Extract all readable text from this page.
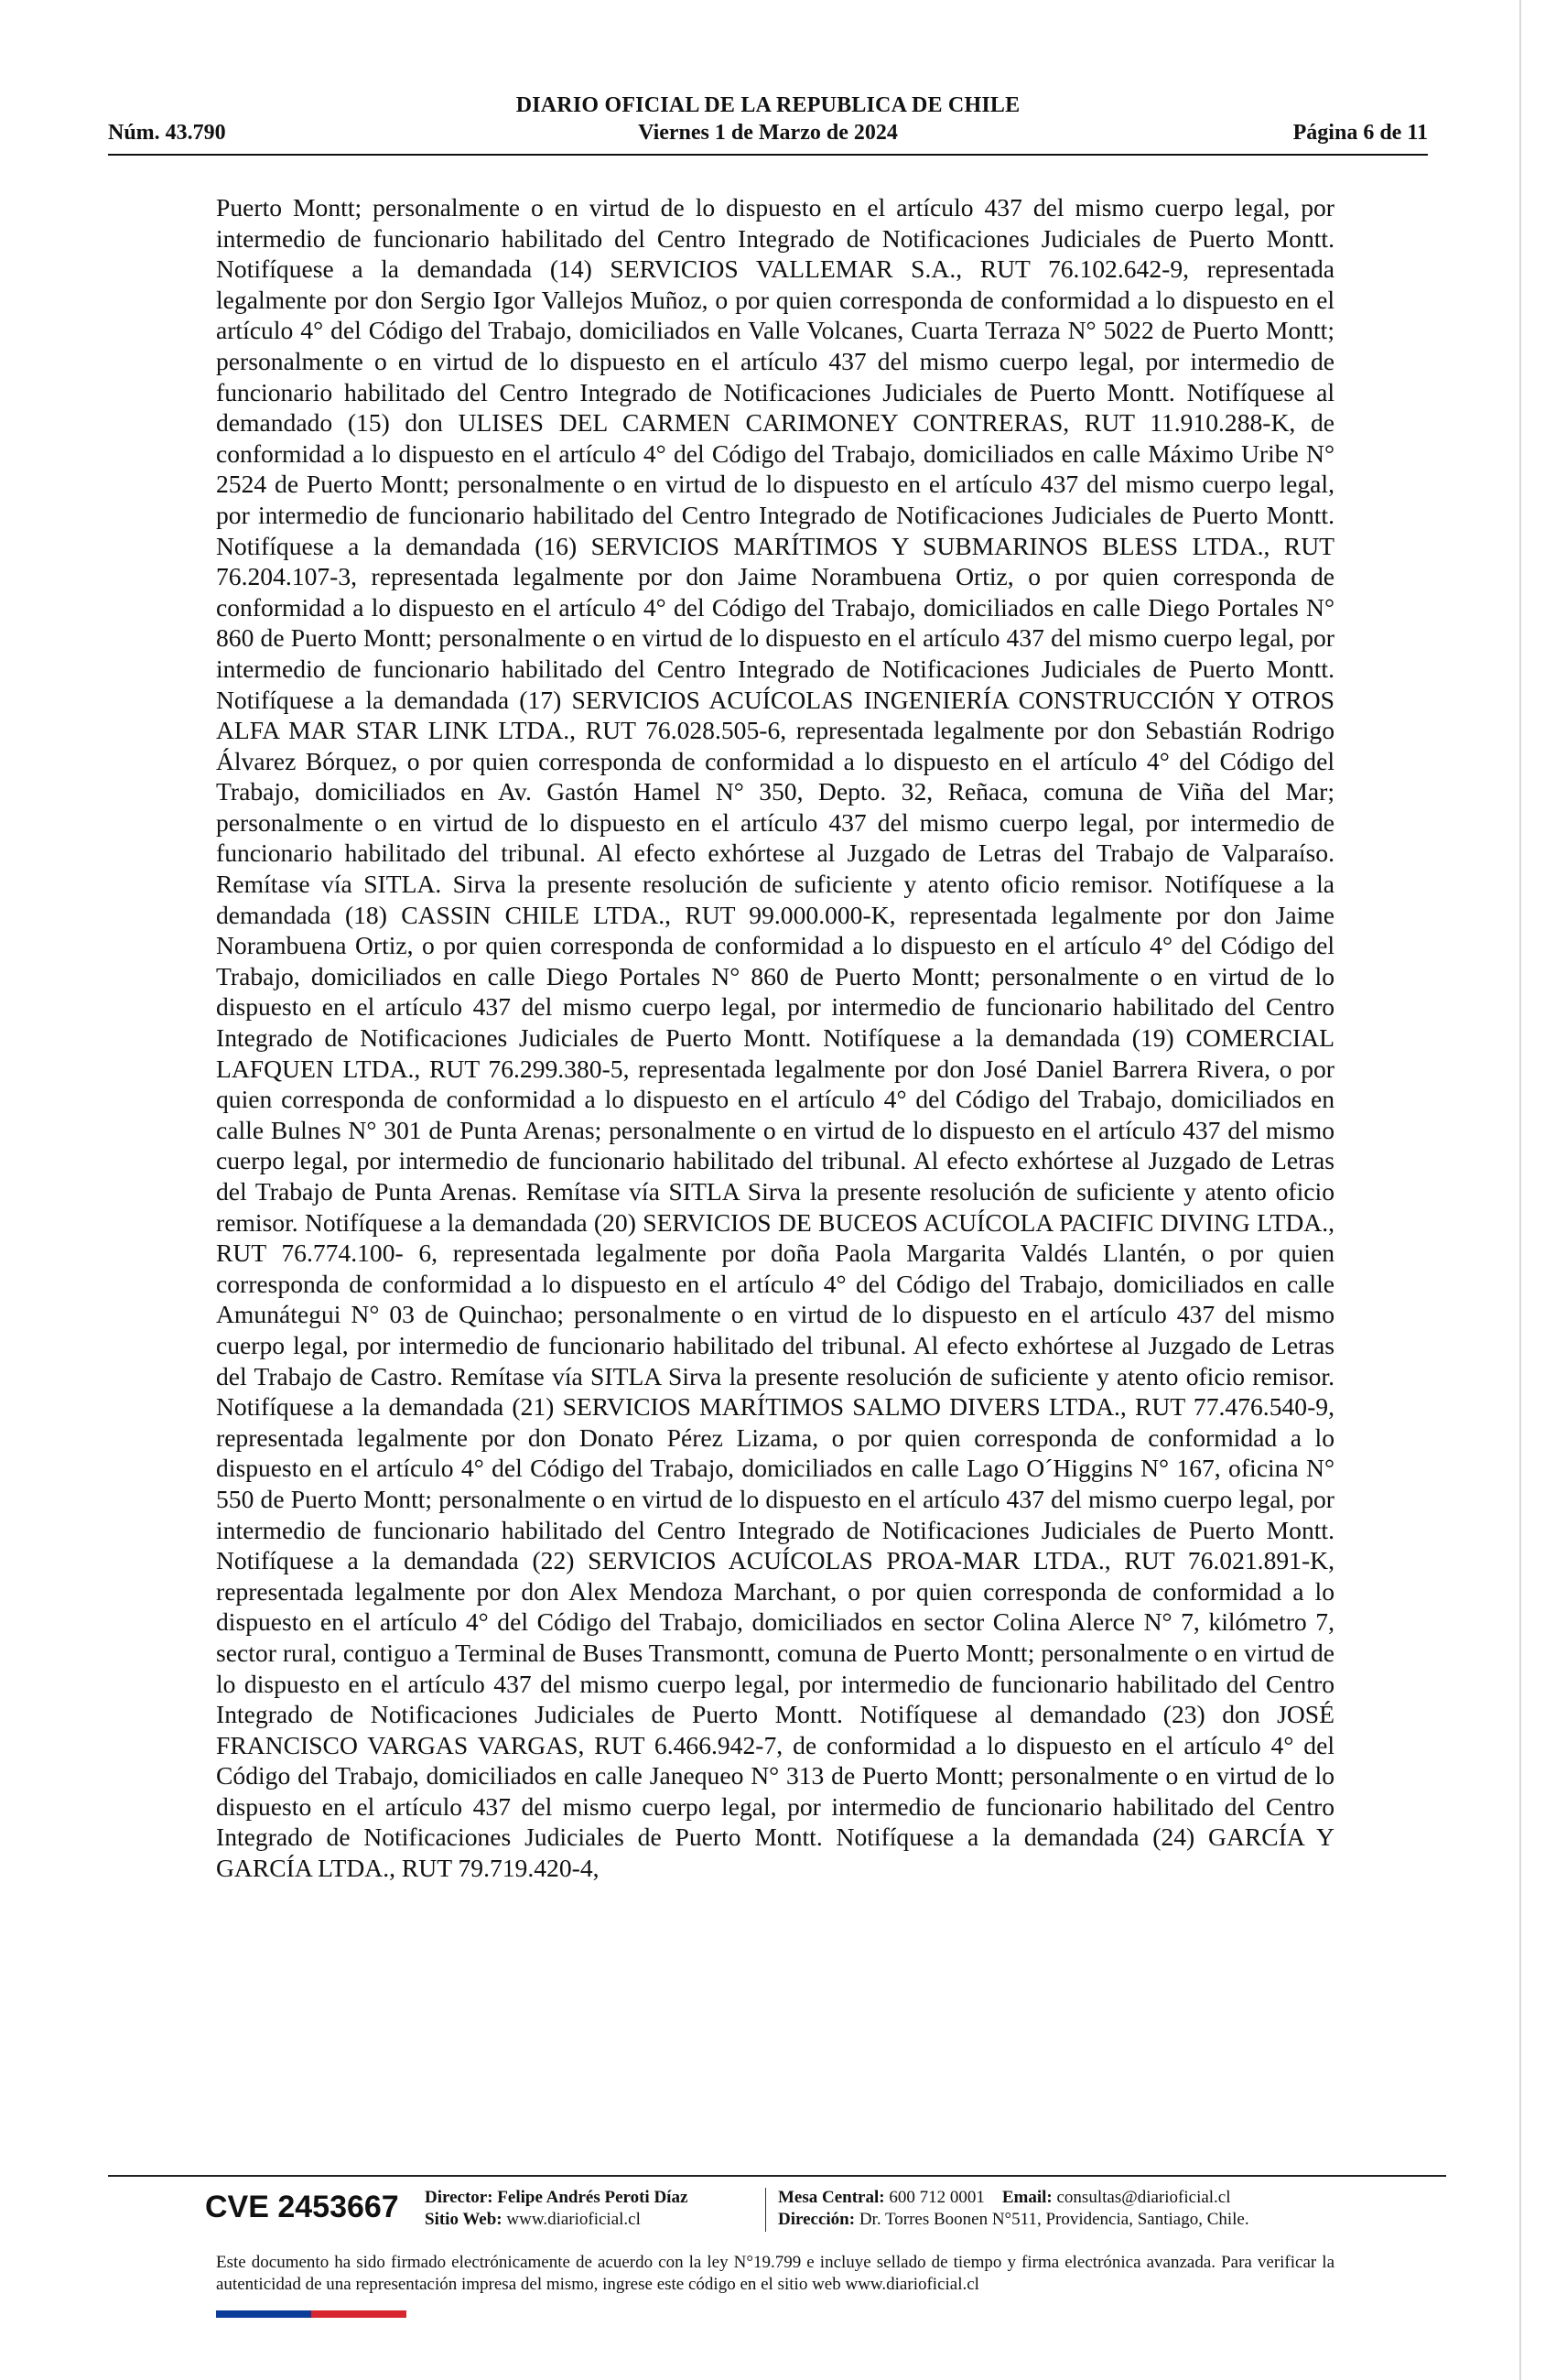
DIARIO OFICIAL DE LA REPUBLICA DE CHILE
Núm. 43.790	Viernes 1 de Marzo de 2024	Página 6 de 11

Puerto Montt; personalmente o en virtud de lo dispuesto en el artículo 437 del mismo cuerpo legal, por intermedio de funcionario habilitado del Centro Integrado de Notificaciones Judiciales de Puerto Montt. Notifíquese a la demandada (14) SERVICIOS VALLEMAR S.A., RUT 76.102.642-9, representada legalmente por don Sergio Igor Vallejos Muñoz, o por quien corresponda de conformidad a lo dispuesto en el artículo 4° del Código del Trabajo, domiciliados en Valle Volcanes, Cuarta Terraza N° 5022 de Puerto Montt; personalmente o en virtud de lo dispuesto en el artículo 437 del mismo cuerpo legal, por intermedio de funcionario habilitado del Centro Integrado de Notificaciones Judiciales de Puerto Montt. Notifíquese al demandado (15) don ULISES DEL CARMEN CARIMONEY CONTRERAS, RUT 11.910.288-K, de conformidad a lo dispuesto en el artículo 4° del Código del Trabajo, domiciliados en calle Máximo Uribe N° 2524 de Puerto Montt; personalmente o en virtud de lo dispuesto en el artículo 437 del mismo cuerpo legal, por intermedio de funcionario habilitado del Centro Integrado de Notificaciones Judiciales de Puerto Montt. Notifíquese a la demandada (16) SERVICIOS MARÍTIMOS Y SUBMARINOS BLESS LTDA., RUT 76.204.107-3, representada legalmente por don Jaime Norambuena Ortiz, o por quien corresponda de conformidad a lo dispuesto en el artículo 4° del Código del Trabajo, domiciliados en calle Diego Portales N° 860 de Puerto Montt; personalmente o en virtud de lo dispuesto en el artículo 437 del mismo cuerpo legal, por intermedio de funcionario habilitado del Centro Integrado de Notificaciones Judiciales de Puerto Montt. Notifíquese a la demandada (17) SERVICIOS ACUÍCOLAS INGENIERÍA CONSTRUCCIÓN Y OTROS ALFA MAR STAR LINK LTDA., RUT 76.028.505-6, representada legalmente por don Sebastián Rodrigo Álvarez Bórquez, o por quien corresponda de conformidad a lo dispuesto en el artículo 4° del Código del Trabajo, domiciliados en Av. Gastón Hamel N° 350, Depto. 32, Reñaca, comuna de Viña del Mar; personalmente o en virtud de lo dispuesto en el artículo 437 del mismo cuerpo legal, por intermedio de funcionario habilitado del tribunal. Al efecto exhórtese al Juzgado de Letras del Trabajo de Valparaíso. Remítase vía SITLA. Sirva la presente resolución de suficiente y atento oficio remisor. Notifíquese a la demandada (18) CASSIN CHILE LTDA., RUT 99.000.000-K, representada legalmente por don Jaime Norambuena Ortiz, o por quien corresponda de conformidad a lo dispuesto en el artículo 4° del Código del Trabajo, domiciliados en calle Diego Portales N° 860 de Puerto Montt; personalmente o en virtud de lo dispuesto en el artículo 437 del mismo cuerpo legal, por intermedio de funcionario habilitado del Centro Integrado de Notificaciones Judiciales de Puerto Montt. Notifíquese a la demandada (19) COMERCIAL LAFQUEN LTDA., RUT 76.299.380-5, representada legalmente por don José Daniel Barrera Rivera, o por quien corresponda de conformidad a lo dispuesto en el artículo 4° del Código del Trabajo, domiciliados en calle Bulnes N° 301 de Punta Arenas; personalmente o en virtud de lo dispuesto en el artículo 437 del mismo cuerpo legal, por intermedio de funcionario habilitado del tribunal. Al efecto exhórtese al Juzgado de Letras del Trabajo de Punta Arenas. Remítase vía SITLA Sirva la presente resolución de suficiente y atento oficio remisor. Notifíquese a la demandada (20) SERVICIOS DE BUCEOS ACUÍCOLA PACIFIC DIVING LTDA., RUT 76.774.100- 6, representada legalmente por doña Paola Margarita Valdés Llantén, o por quien corresponda de conformidad a lo dispuesto en el artículo 4° del Código del Trabajo, domiciliados en calle Amunátegui N° 03 de Quinchao; personalmente o en virtud de lo dispuesto en el artículo 437 del mismo cuerpo legal, por intermedio de funcionario habilitado del tribunal. Al efecto exhórtese al Juzgado de Letras del Trabajo de Castro. Remítase vía SITLA Sirva la presente resolución de suficiente y atento oficio remisor. Notifíquese a la demandada (21) SERVICIOS MARÍTIMOS SALMO DIVERS LTDA., RUT 77.476.540-9, representada legalmente por don Donato Pérez Lizama, o por quien corresponda de conformidad a lo dispuesto en el artículo 4° del Código del Trabajo, domiciliados en calle Lago O´Higgins N° 167, oficina N° 550 de Puerto Montt; personalmente o en virtud de lo dispuesto en el artículo 437 del mismo cuerpo legal, por intermedio de funcionario habilitado del Centro Integrado de Notificaciones Judiciales de Puerto Montt. Notifíquese a la demandada (22) SERVICIOS ACUÍCOLAS PROA-MAR LTDA., RUT 76.021.891-K, representada legalmente por don Alex Mendoza Marchant, o por quien corresponda de conformidad a lo dispuesto en el artículo 4° del Código del Trabajo, domiciliados en sector Colina Alerce N° 7, kilómetro 7, sector rural, contiguo a Terminal de Buses Transmontt, comuna de Puerto Montt; personalmente o en virtud de lo dispuesto en el artículo 437 del mismo cuerpo legal, por intermedio de funcionario habilitado del Centro Integrado de Notificaciones Judiciales de Puerto Montt. Notifíquese al demandado (23) don JOSÉ FRANCISCO VARGAS VARGAS, RUT 6.466.942-7, de conformidad a lo dispuesto en el artículo 4° del Código del Trabajo, domiciliados en calle Janequeo N° 313 de Puerto Montt; personalmente o en virtud de lo dispuesto en el artículo 437 del mismo cuerpo legal, por intermedio de funcionario habilitado del Centro Integrado de Notificaciones Judiciales de Puerto Montt. Notifíquese a la demandada (24) GARCÍA Y GARCÍA LTDA., RUT 79.719.420-4,

CVE 2453667 Director: Felipe Andrés Peroti Díaz
Sitio Web: www.diarioficial.cl
Mesa Central: 600 712 0001 Email: consultas@diarioficial.cl
Dirección: Dr. Torres Boonen N°511, Providencia, Santiago, Chile.

Este documento ha sido firmado electrónicamente de acuerdo con la ley N°19.799 e incluye sellado de tiempo y firma electrónica avanzada. Para verificar la autenticidad de una representación impresa del mismo, ingrese este código en el sitio web www.diarioficial.cl
